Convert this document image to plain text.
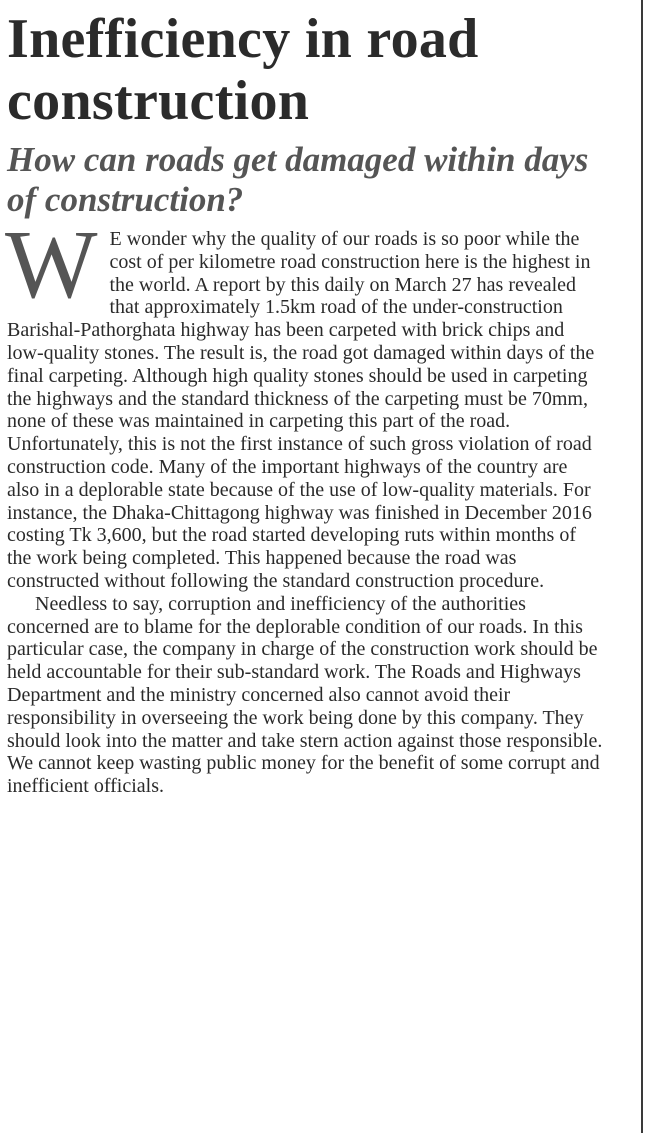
Inefficiency in road construction
How can roads get damaged within days of construction?

W E wonder why the quality of our roads is so poor while the cost of per kilometre road construction here is the highest in the world. A report by this daily on March 27 has revealed that approximately 1.5km road of the under-construction Barishal-Pathorghata highway has been carpeted with brick chips and low-quality stones. The result is, the road got damaged within days of the final carpeting. Although high quality stones should be used in carpeting the highways and the standard thickness of the carpeting must be 70mm, none of these was maintained in carpeting this part of the road. Unfortunately, this is not the first instance of such gross violation of road construction code. Many of the important highways of the country are also in a deplorable state because of the use of low-quality materials. For instance, the Dhaka-Chittagong highway was finished in December 2016 costing Tk 3,600, but the road started developing ruts within months of the work being completed. This happened because the road was constructed without following the standard construction procedure.

Needless to say, corruption and inefficiency of the authorities concerned are to blame for the deplorable condition of our roads. In this particular case, the company in charge of the construction work should be held accountable for their sub-standard work. The Roads and Highways Department and the ministry concerned also cannot avoid their responsibility in overseeing the work being done by this company. They should look into the matter and take stern action against those responsible. We cannot keep wasting public money for the benefit of some corrupt and inefficient officials.
